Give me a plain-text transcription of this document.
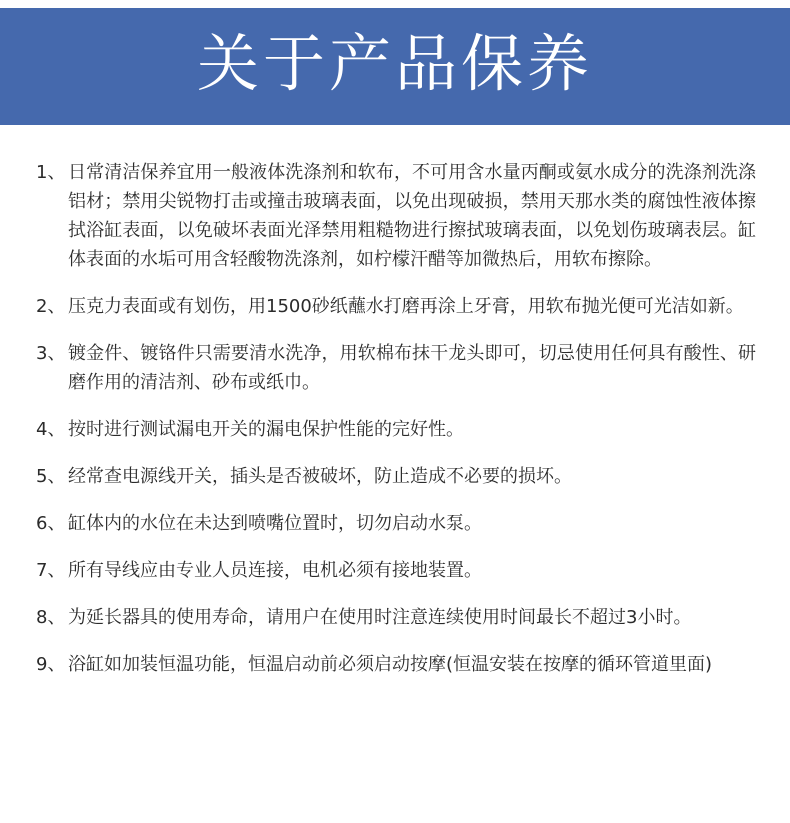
关于产品保养
1、 日常清洁保养宜用一般液体洗涤剂和软布，不可用含水量丙酮或氨水成分的洗涤剂洗涤铝材；禁用尖锐物打击或撞击玻璃表面，以免出现破损，禁用天那水类的腐蚀性液体擦拭浴缸表面，以免破坏表面光泽禁用粗糙物进行擦拭玻璃表面，以免划伤玻璃表层。缸体表面的水垢可用含轻酸物洗涤剂，如柠檬汗醋等加微热后，用软布擦除。
2、 压克力表面或有划伤，用1500砂纸蘸水打磨再涂上牙膏，用软布抛光便可光洁如新。
3、 镀金件、镀铬件只需要清水洗净，用软棉布抹干龙头即可，切忌使用任何具有酸性、研磨作用的清洁剂、砂布或纸巾。
4、 按时进行测试漏电开关的漏电保护性能的完好性。
5、 经常查电源线开关，插头是否被破坏，防止造成不必要的损坏。
6、 缸体内的水位在未达到喷嘴位置时，切勿启动水泵。
7、 所有导线应由专业人员连接，电机必须有接地装置。
8、 为延长器具的使用寿命，请用户在使用时注意连续使用时间最长不超过3小时。
9、 浴缸如加装恒温功能，恒温启动前必须启动按摩(恒温安装在按摩的循环管道里面)
